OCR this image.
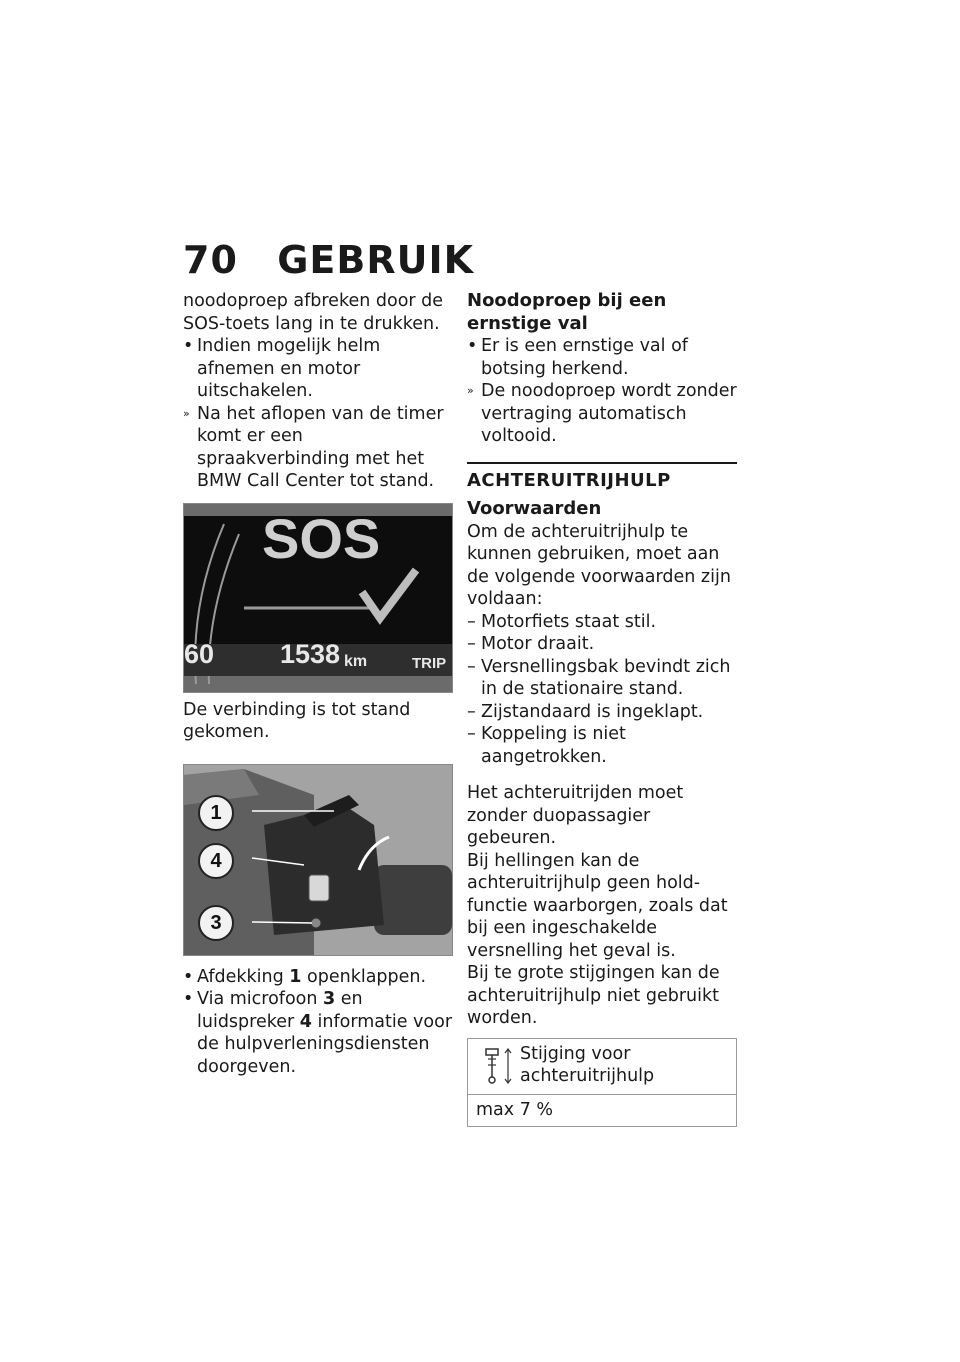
70 GEBRUIK

noodoproep afbreken door de SOS-toets lang in te drukken.

• Indien mogelijk helm afnemen en motor uitschakelen.
» Na het aflopen van de timer komt er een spraakverbinding met het BMW Call Center tot stand.
SOS
60 1538 km	TRIP

De verbinding is tot stand gekomen.

1
4
3
• Afdekking 1 openklappen.
• Via microfoon 3 en luidspreker 4 informatie voor de hulpverleningsdiensten doorgeven.

Noodoproep bij een ernstige val

• Er is een ernstige val of botsing herkend.
» De noodoproep wordt zonder vertraging automatisch voltooid.

ACHTERUITRIJHULP

Voorwaarden

Om de achteruitrijhulp te kunnen gebruiken, moet aan de volgende voorwaarden zijn voldaan:

– Motorfiets staat stil.
– Motor draait.
– Versnellingsbak bevindt zich in de stationaire stand.
– Zijstandaard is ingeklapt.
– Koppeling is niet aangetrokken.

Het achteruitrijden moet zonder duopassagier gebeuren.

Bij hellingen kan de achteruitrijhulp geen hold-functie waarborgen, zoals dat bij een ingeschakelde versnelling het geval is.

Bij te grote stijgingen kan de achteruitrijhulp niet gebruikt worden.

Stijging voor achteruitrijhulp
max 7 %
